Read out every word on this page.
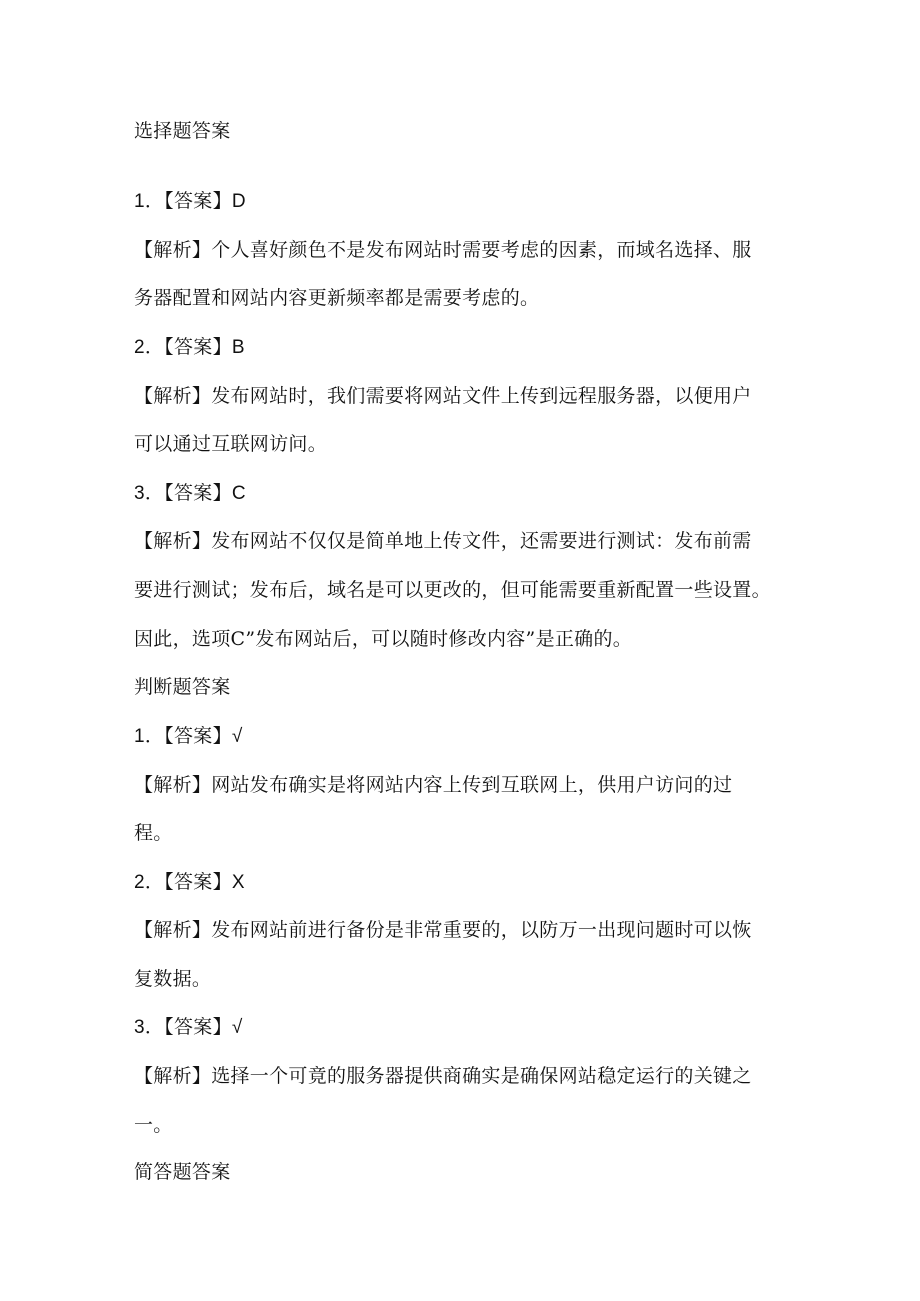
选择题答案
1．【答案】D
【解析】个人喜好颜色不是发布网站时需要考虑的因素，而域名选择、服
务器配置和网站内容更新频率都是需要考虑的。
2．【答案】B
【解析】发布网站时，我们需要将网站文件上传到远程服务器，以便用户
可以通过互联网访问。
3．【答案】C
【解析】发布网站不仅仅是简单地上传文件，还需要进行测试：发布前需
要进行测试；发布后，域名是可以更改的，但可能需要重新配置一些设置。
因此，选项C”发布网站后，可以随时修改内容”是正确的。
判断题答案
1．【答案】√
【解析】网站发布确实是将网站内容上传到互联网上，供用户访问的过
程。
2．【答案】X
【解析】发布网站前进行备份是非常重要的，以防万一出现问题时可以恢
复数据。
3．【答案】√
【解析】选择一个可竟的服务器提供商确实是确保网站稳定运行的关键之
一。
简答题答案
